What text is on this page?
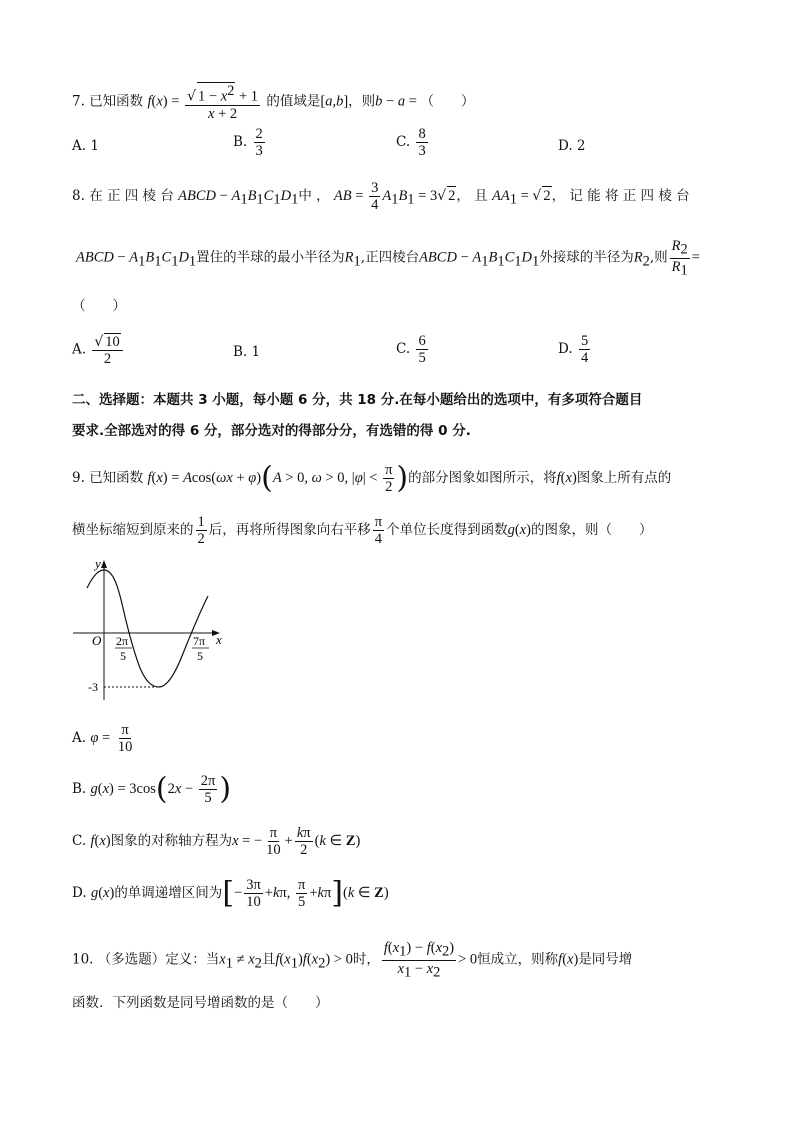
7. 已知函数 $f(x) = \frac{√ 1 - x^2 + 1}{x + 2}$ 的值域是[a,b]，则b − a = （　　）
A. 1	B. $\frac{2}{3}$	C. $\frac{8}{3}$	D. 2
8. 在 正 四 棱 台 ABCD − $A_1B_1C_1D_1$中 ， AB = $\frac{3}{4} A_1B_1 = 3√$ 2， 且 $AA_1$ = √ 2， 记 能 将 正 四 棱 台
ABCD − $A_1B_1C_1D_1$置住的半球的最小半径为$R_1$,正四棱台ABCD − $A_1B_1C_1D_1$外接球的半径为$R_2$,则 $\frac{R_2}{R_1}$ =
（　　）
A. $\frac{√ 10}{2}$	B. 1	C. $\frac{6}{5}$	D. $\frac{5}{4}$
二、选择题：本题共 3 小题，每小题 6 分，共 18 分.在每小题给出的选项中，有多项符合题目
要求.全部选对的得 6 分，部分选对的得部分分，有选错的得 0 分.
9. 已知函数 f(x) = Acos(ωx + φ)(A > 0, ω > 0, $|\varphi| < \frac{\pi}{2}$ )的部分图象如图所示，将f(x)图象上所有点的
横坐标缩短到原来的 $\frac{1}{2}$ 后，再将所得图象向右平移 $\frac{\pi}{4}$ 个单位长度得到函数g(x)的图象，则（　　）
y
x
O 2π
5
7π
5
-3
A. $\varphi = \frac{\pi}{10}$
B. $g(x) = 3\cos(2x - \frac{2\pi}{5}$ )
C. f(x)图象的对称轴方程为x = − $\frac{\pi}{10} + \frac{k\pi}{2} (k$ ∈ Z)
D. g(x)的单调递增区间为[− $\frac{3\pi}{10} +k\pi$, $\frac{\pi}{5} +k\pi](k$ ∈ Z)
10. （多选题）定义：当$x_1 \ne x_2$且$f(x_1)f(x_2) > 0$时， $\frac{f(x_1) - f(x_2)}{x_1 - x_2} > 0$恒成立，则称f(x)是同号增
函数．下列函数是同号增函数的是（　　）
